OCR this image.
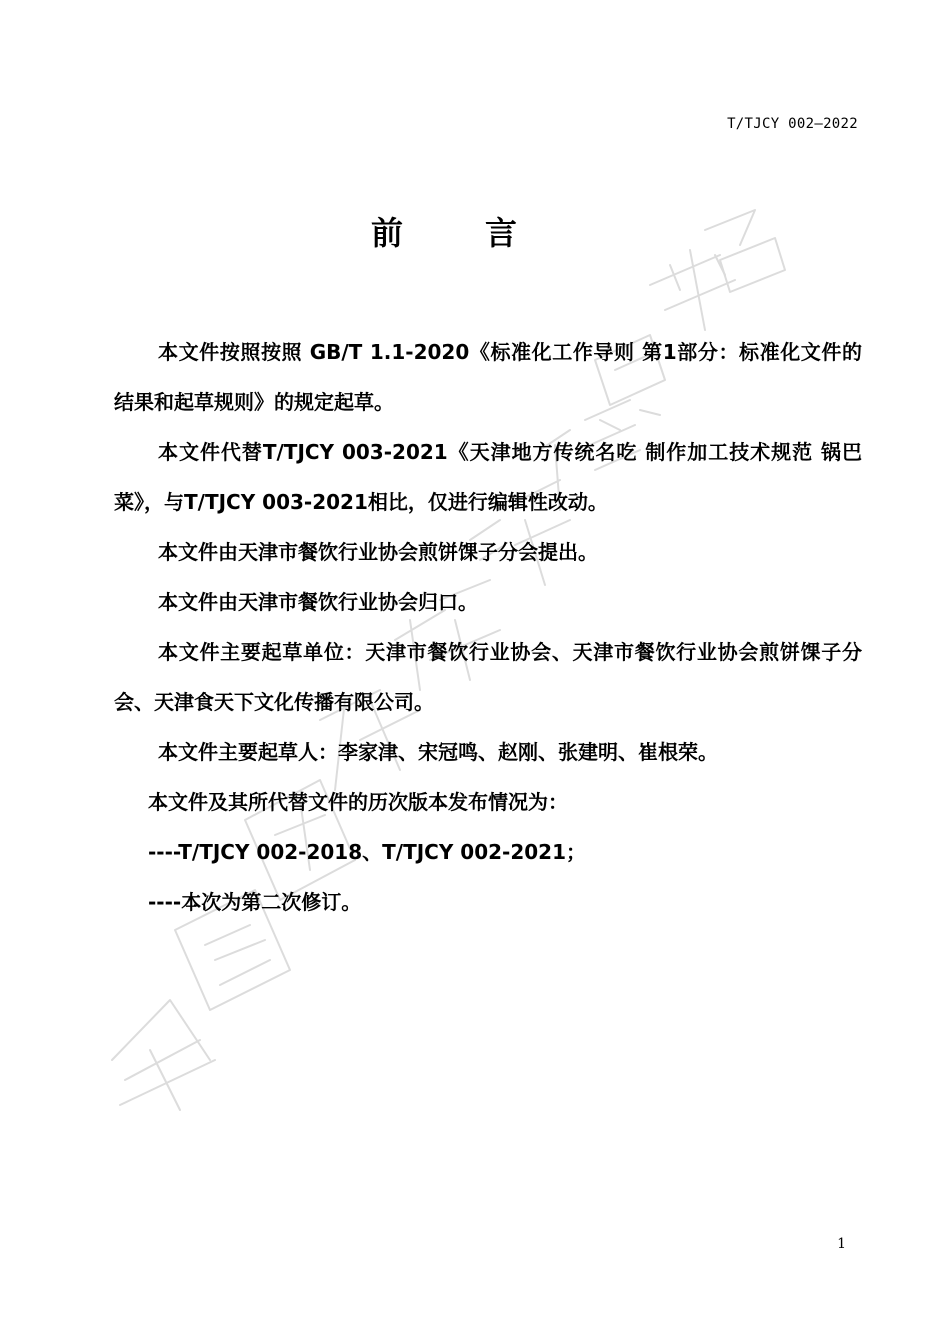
T/TJCY 002—2022
前言

本文件按照按照 GB/T 1.1-2020《标准化工作导则 第1部分：标准化文件的结果和起草规则》的规定起草。

本文件代替T/TJCY 003-2021《天津地方传统名吃 制作加工技术规范 锅巴菜》，与T/TJCY 003-2021相比，仅进行编辑性改动。

本文件由天津市餐饮行业协会煎饼馃子分会提出。

本文件由天津市餐饮行业协会归口。

本文件主要起草单位：天津市餐饮行业协会、天津市餐饮行业协会煎饼馃子分会、天津食天下文化传播有限公司。

本文件主要起草人：李家津、宋冠鸣、赵刚、张建明、崔根荣。

本文件及其所代替文件的历次版本发布情况为：

----T/TJCY 002-2018、T/TJCY 002-2021；

----本次为第二次修订。

1
